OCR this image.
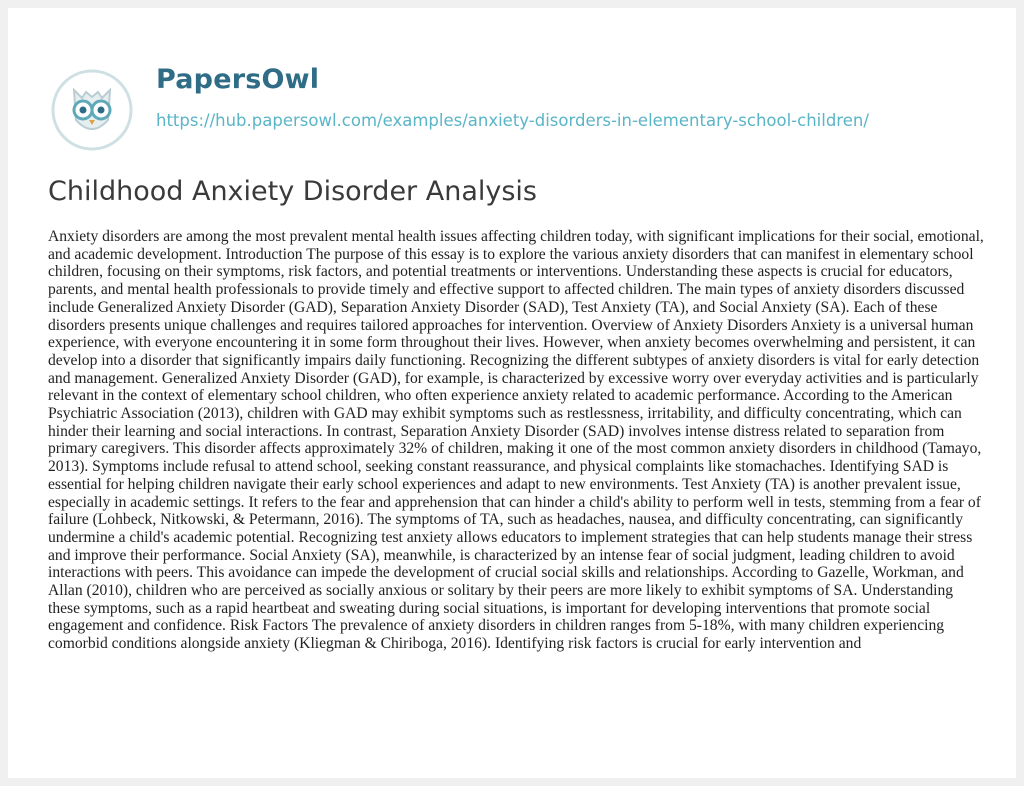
PapersOwl
https://hub.papersowl.com/examples/anxiety-disorders-in-elementary-school-children/
Childhood Anxiety Disorder Analysis

Anxiety disorders are among the most prevalent mental health issues affecting children today, with significant implications for their social, emotional, and academic development. Introduction The purpose of this essay is to explore the various anxiety disorders that can manifest in elementary school children, focusing on their symptoms, risk factors, and potential treatments or interventions. Understanding these aspects is crucial for educators, parents, and mental health professionals to provide timely and effective support to affected children. The main types of anxiety disorders discussed include Generalized Anxiety Disorder (GAD), Separation Anxiety Disorder (SAD), Test Anxiety (TA), and Social Anxiety (SA). Each of these disorders presents unique challenges and requires tailored approaches for intervention. Overview of Anxiety Disorders Anxiety is a universal human experience, with everyone encountering it in some form throughout their lives. However, when anxiety becomes overwhelming and persistent, it can develop into a disorder that significantly impairs daily functioning. Recognizing the different subtypes of anxiety disorders is vital for early detection and management. Generalized Anxiety Disorder (GAD), for example, is characterized by excessive worry over everyday activities and is particularly relevant in the context of elementary school children, who often experience anxiety related to academic performance. According to the American Psychiatric Association (2013), children with GAD may exhibit symptoms such as restlessness, irritability, and difficulty concentrating, which can hinder their learning and social interactions. In contrast, Separation Anxiety Disorder (SAD) involves intense distress related to separation from primary caregivers. This disorder affects approximately 32% of children, making it one of the most common anxiety disorders in childhood (Tamayo, 2013). Symptoms include refusal to attend school, seeking constant reassurance, and physical complaints like stomachaches. Identifying SAD is essential for helping children navigate their early school experiences and adapt to new environments. Test Anxiety (TA) is another prevalent issue, especially in academic settings. It refers to the fear and apprehension that can hinder a child's ability to perform well in tests, stemming from a fear of failure (Lohbeck, Nitkowski, & Petermann, 2016). The symptoms of TA, such as headaches, nausea, and difficulty concentrating, can significantly undermine a child's academic potential. Recognizing test anxiety allows educators to implement strategies that can help students manage their stress and improve their performance. Social Anxiety (SA), meanwhile, is characterized by an intense fear of social judgment, leading children to avoid interactions with peers. This avoidance can impede the development of crucial social skills and relationships. According to Gazelle, Workman, and Allan (2010), children who are perceived as socially anxious or solitary by their peers are more likely to exhibit symptoms of SA. Understanding these symptoms, such as a rapid heartbeat and sweating during social situations, is important for developing interventions that promote social engagement and confidence. Risk Factors The prevalence of anxiety disorders in children ranges from 5-18%, with many children experiencing comorbid conditions alongside anxiety (Kliegman & Chiriboga, 2016). Identifying risk factors is crucial for early intervention and
